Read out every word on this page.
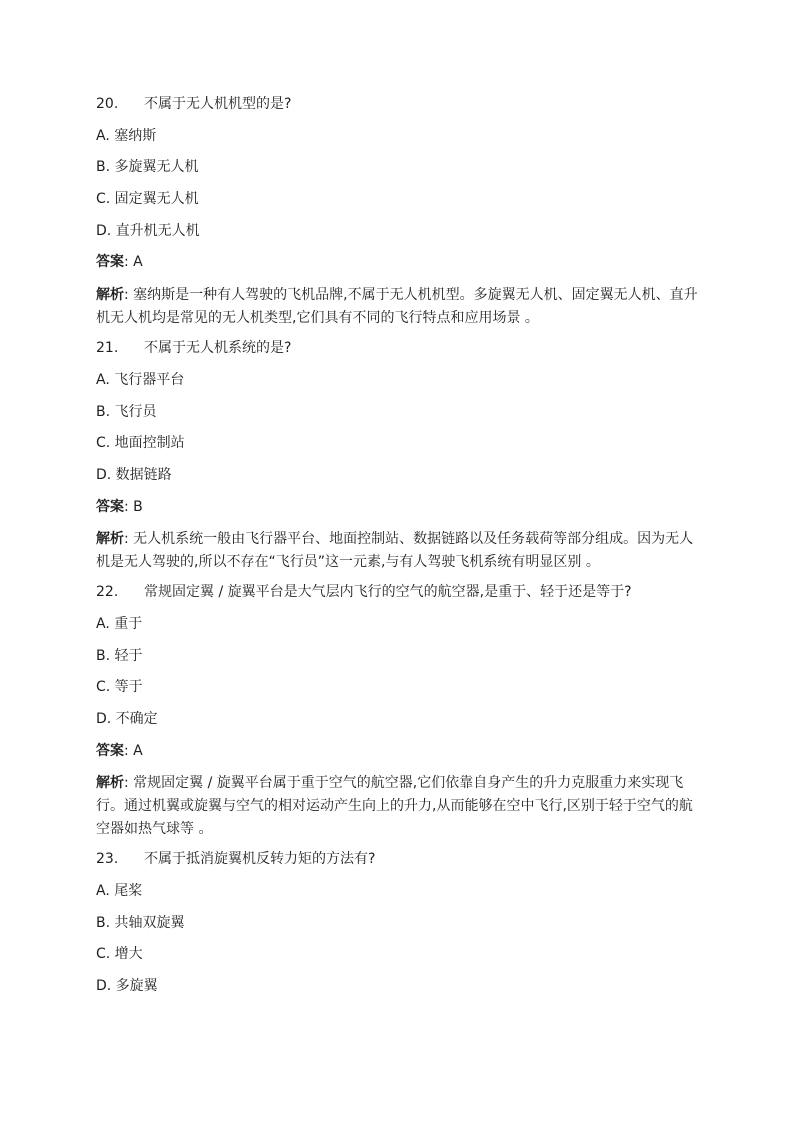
20. 不属于无人机机型的是?
A. 塞纳斯
B. 多旋翼无人机
C. 固定翼无人机
D. 直升机无人机
答案: A
解析: 塞纳斯是一种有人驾驶的飞机品牌,不属于无人机机型。多旋翼无人机、固定翼无人机、直升机无人机均是常见的无人机类型,它们具有不同的飞行特点和应用场景 。
21. 不属于无人机系统的是?
A. 飞行器平台
B. 飞行员
C. 地面控制站
D. 数据链路
答案: B
解析: 无人机系统一般由飞行器平台、地面控制站、数据链路以及任务载荷等部分组成。因为无人机是无人驾驶的,所以不存在“飞行员”这一元素,与有人驾驶飞机系统有明显区别 。
22. 常规固定翼 / 旋翼平台是大气层内飞行的空气的航空器,是重于、轻于还是等于?
A. 重于
B. 轻于
C. 等于
D. 不确定
答案: A
解析: 常规固定翼 / 旋翼平台属于重于空气的航空器,它们依靠自身产生的升力克服重力来实现飞行。通过机翼或旋翼与空气的相对运动产生向上的升力,从而能够在空中飞行,区别于轻于空气的航空器如热气球等 。
23. 不属于抵消旋翼机反转力矩的方法有?
A. 尾桨
B. 共轴双旋翼
C. 增大
D. 多旋翼
